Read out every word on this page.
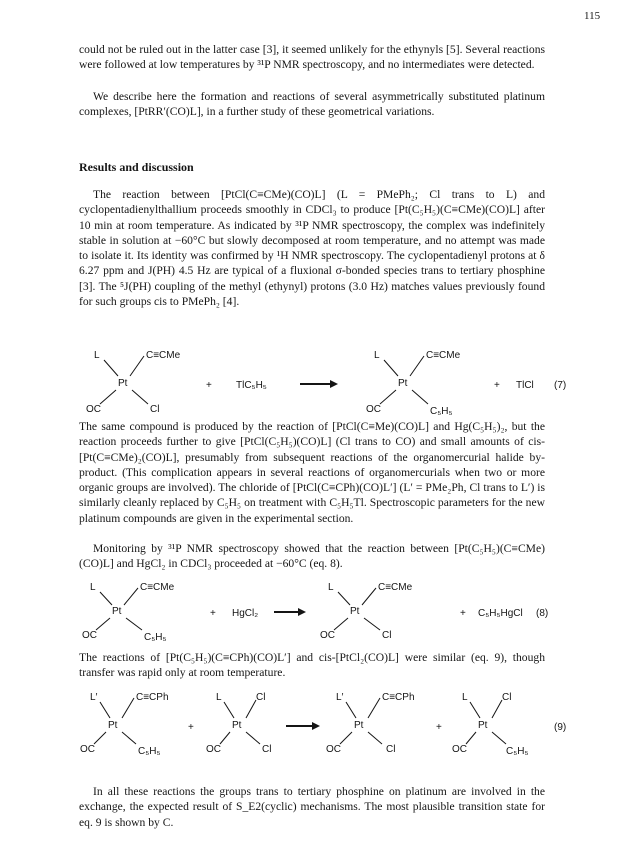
115

could not be ruled out in the latter case [3], it seemed unlikely for the ethynyls [5]. Several reactions were followed at low temperatures by ³¹P NMR spectroscopy, and no intermediates were detected.

We describe here the formation and reactions of several asymmetrically substituted platinum complexes, [PtRR′(CO)L], in a further study of these geometrical variations.

Results and discussion

The reaction between [PtCl(C≡CMe)(CO)L] (L = PMePh₂; Cl trans to L) and cyclopentadienylthallium proceeds smoothly in CDCl₃ to produce [Pt(C₅H₅)(C≡CMe)(CO)L] after 10 min at room temperature. As indicated by ³¹P NMR spectroscopy, the complex was indefinitely stable in solution at −60°C but slowly decomposed at room temperature, and no attempt was made to isolate it. Its identity was confirmed by ¹H NMR spectroscopy. The cyclopentadienyl protons at δ 6.27 ppm and J(PH) 4.5 Hz are typical of a fluxional σ-bonded species trans to tertiary phosphine [3]. The ⁵J(PH) coupling of the methyl (ethynyl) protons (3.0 Hz) matches values previously found for such groups cis to PMePh₂ [4].

L	C≡CMe
Pt
OC	Cl
+ TlC₅H₅
L	C≡CMe
Pt
OC	C₅H₅
+ TlCl (7)

The same compound is produced by the reaction of [PtCl(C≡Me)(CO)L] and Hg(C₅H₅)₂, but the reaction proceeds further to give [PtCl(C₅H₅)(CO)L] (Cl trans to CO) and small amounts of cis-[Pt(C≡CMe)₂(CO)L], presumably from subsequent reactions of the organomercurial halide by-product. (This complication appears in several reactions of organomercurials when two or more organic groups are involved). The chloride of [PtCl(C≡CPh)(CO)L′] (L′ = PMe₂Ph, Cl trans to L′) is similarly cleanly replaced by C₅H₅ on treatment with C₅H₅Tl. Spectroscopic parameters for the new platinum compounds are given in the experimental section.

Monitoring by ³¹P NMR spectroscopy showed that the reaction between [Pt(C₅H₅)(C≡CMe)(CO)L] and HgCl₂ in CDCl₃ proceeded at −60°C (eq. 8).

L	C≡CMe
Pt
OC	C₅H₅
+ HgCl₂
L	C≡CMe
Pt
OC	Cl
+ C₅H₅HgCl (8)

The reactions of [Pt(C₅H₅)(C≡CPh)(CO)L′] and cis-[PtCl₂(CO)L] were similar (eq. 9), though transfer was rapid only at room temperature.

L′	C≡CPh
Pt
OC	C₅H₅
+
L	Cl
Pt
OC	Cl
L′	C≡CPh
Pt
OC	Cl
+
L	Cl
Pt
OC	C₅H₅
(9)

In all these reactions the groups trans to tertiary phosphine on platinum are involved in the exchange, the expected result of S_E2(cyclic) mechanisms. The most plausible transition state for eq. 9 is shown by C.
